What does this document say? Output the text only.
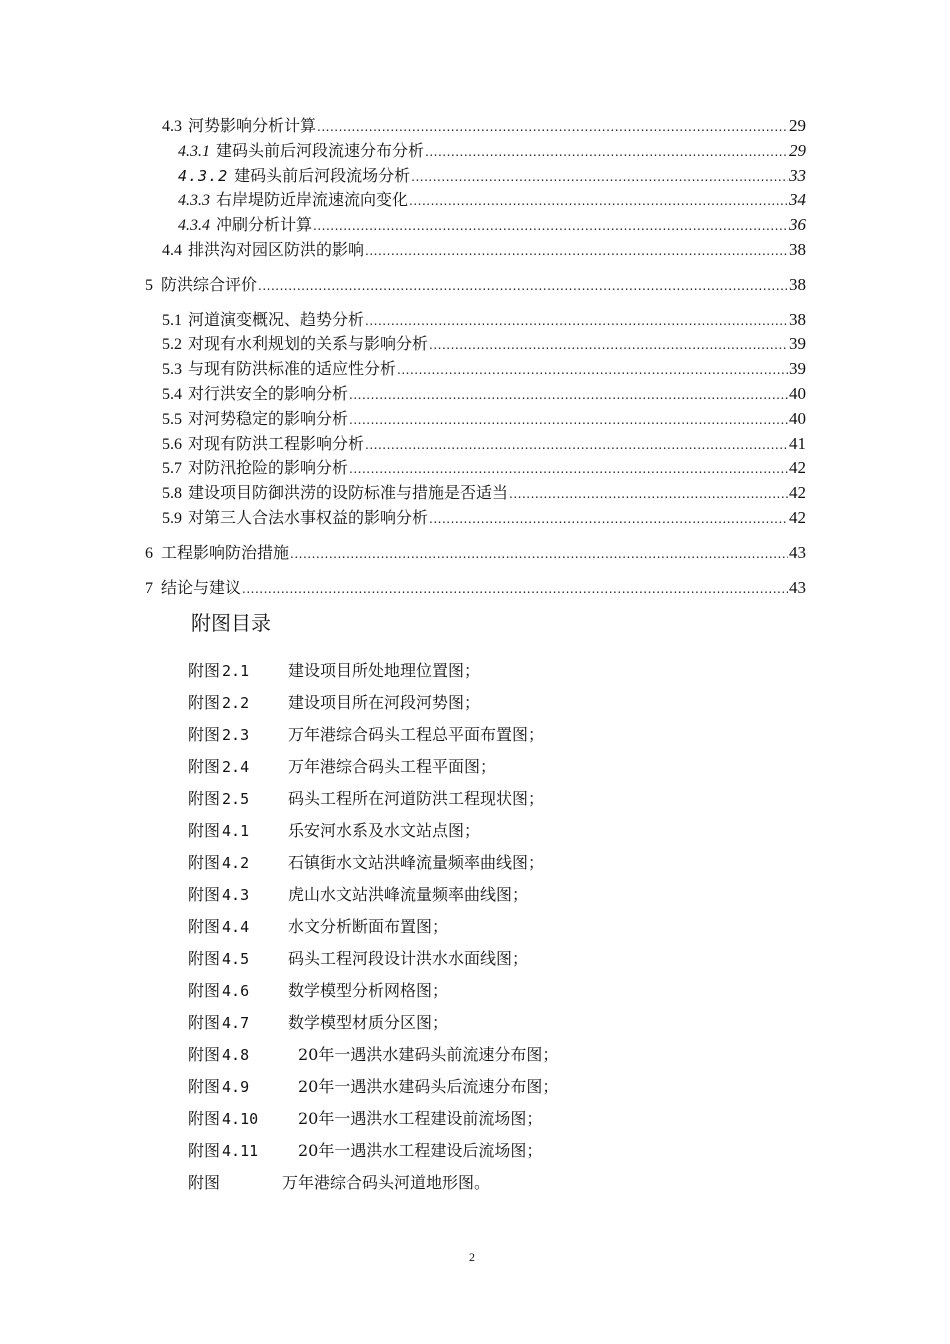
4.3 河势影响分析计算 .....	29
4.3.1 建码头前后河段流速分布分析 .....	29
4.3.2 建码头前后河段流场分析 .....	33
4.3.3 右岸堤防近岸流速流向变化 .....	34
4.3.4 冲刷分析计算 .....	36
4.4 排洪沟对园区防洪的影响 .....	38
5 防洪综合评价 .....	38
5.1 河道演变概况、趋势分析 .....	38
5.2 对现有水利规划的关系与影响分析 .....	39
5.3 与现有防洪标准的适应性分析 .....	39
5.4 对行洪安全的影响分析 .....	40
5.5 对河势稳定的影响分析 .....	40
5.6 对现有防洪工程影响分析 .....	41
5.7 对防汛抢险的影响分析 .....	42
5.8 建设项目防御洪涝的设防标准与措施是否适当 .....	42
5.9 对第三人合法水事权益的影响分析 .....	42
6 工程影响防治措施 .....	43
7 结论与建议 .....	43
附图目录
附图 2.1 建设项目所处地理位置图；
附图 2.2 建设项目所在河段河势图；
附图 2.3 万年港综合码头工程总平面布置图；
附图 2.4 万年港综合码头工程平面图；
附图 2.5 码头工程所在河道防洪工程现状图；
附图 4.1 乐安河水系及水文站点图；
附图 4.2 石镇街水文站洪峰流量频率曲线图；
附图 4.3 虎山水文站洪峰流量频率曲线图；
附图 4.4 水文分析断面布置图；
附图 4.5 码头工程河段设计洪水水面线图；
附图 4.6 数学模型分析网格图；
附图 4.7 数学模型材质分区图；
附图 4.8	20年一遇洪水建码头前流速分布图；
附图 4.9	20年一遇洪水建码头后流速分布图；
附图 4.10 20年一遇洪水工程建设前流场图；
附图 4.11 20年一遇洪水工程建设后流场图；
附图	万年港综合码头河道地形图。
2
